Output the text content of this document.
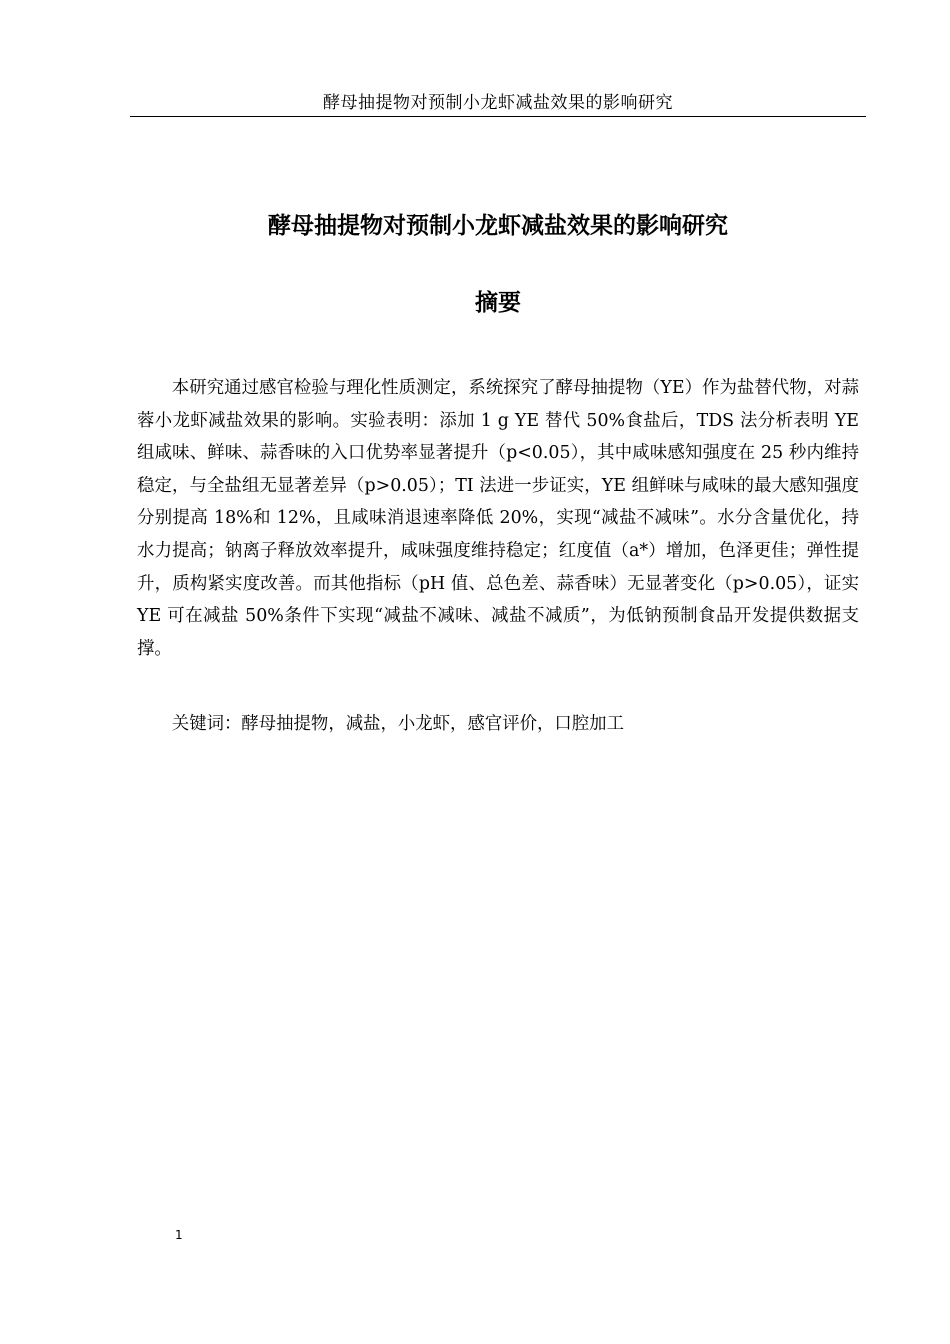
酵母抽提物对预制小龙虾减盐效果的影响研究
酵母抽提物对预制小龙虾减盐效果的影响研究
摘要

本研究通过感官检验与理化性质测定，系统探究了酵母抽提物（YE）作为盐替代物，对蒜蓉小龙虾减盐效果的影响。实验表明：添加 1 g YE 替代 50%食盐后，TDS 法分析表明 YE 组咸味、鲜味、蒜香味的入口优势率显著提升（p<0.05），其中咸味感知强度在 25 秒内维持稳定，与全盐组无显著差异（p>0.05）；TI 法进一步证实，YE 组鲜味与咸味的最大感知强度分别提高 18%和 12%，且咸味消退速率降低 20%，实现“减盐不减味”。水分含量优化，持水力提高；钠离子释放效率提升，咸味强度维持稳定；红度值（a*）增加，色泽更佳；弹性提升，质构紧实度改善。而其他指标（pH 值、总色差、蒜香味）无显著变化（p>0.05），证实 YE 可在减盐 50%条件下实现“减盐不减味、减盐不减质”，为低钠预制食品开发提供数据支撑。

关键词：酵母抽提物，减盐，小龙虾，感官评价，口腔加工

1
